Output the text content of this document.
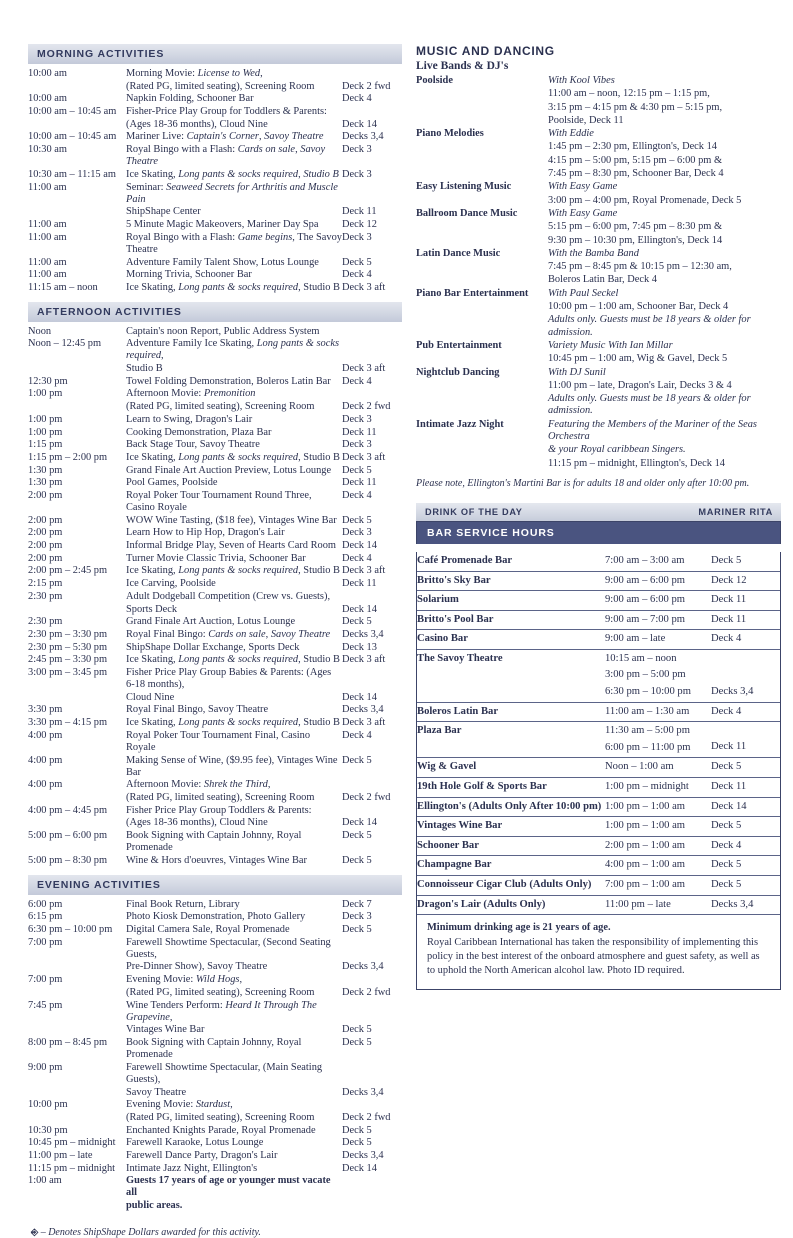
MORNING ACTIVITIES
10:00 am	Morning Movie: License to Wed,	
	(Rated PG, limited seating), Screening Room	Deck 2 fwd
10:00 am	Napkin Folding, Schooner Bar	Deck 4
10:00 am – 10:45 am	Fisher-Price Play Group for Toddlers & Parents:	
	(Ages 18-36 months), Cloud Nine	Deck 14
10:00 am – 10:45 am	Mariner Live: Captain's Corner, Savoy Theatre	Decks 3,4
10:30 am	Royal Bingo with a Flash: Cards on sale, Savoy Theatre	Deck 3
10:30 am – 11:15 am	Ice Skating, Long pants & socks required, Studio B	Deck 3
11:00 am	Seminar: Seaweed Secrets for Arthritis and Muscle Pain	
	ShipShape Center	Deck 11
11:00 am	5 Minute Magic Makeovers, Mariner Day Spa	Deck 12
11:00 am	Royal Bingo with a Flash: Game begins, The Savoy Theatre	Deck 3
11:00 am	Adventure Family Talent Show, Lotus Lounge	Deck 5
11:00 am	Morning Trivia, Schooner Bar	Deck 4
11:15 am – noon	Ice Skating, Long pants & socks required, Studio B	Deck 3 aft
AFTERNOON ACTIVITIES
Noon	Captain's noon Report, Public Address System	
Noon – 12:45 pm	Adventure Family Ice Skating, Long pants & socks required,	
	Studio B	Deck 3 aft
12:30 pm	Towel Folding Demonstration, Boleros Latin Bar	Deck 4
1:00 pm	Afternoon Movie: Premonition	
	(Rated PG, limited seating), Screening Room	Deck 2 fwd
1:00 pm	Learn to Swing, Dragon's Lair	Deck 3
1:00 pm	Cooking Demonstration, Plaza Bar	Deck 11
1:15 pm	Back Stage Tour, Savoy Theatre	Deck 3
1:15 pm – 2:00 pm	Ice Skating, Long pants & socks required, Studio B	Deck 3 aft
1:30 pm	Grand Finale Art Auction Preview, Lotus Lounge	Deck 5
1:30 pm	Pool Games, Poolside	Deck 11
2:00 pm	Royal Poker Tour Tournament Round Three, Casino Royale	Deck 4
2:00 pm	WOW Wine Tasting, ($18 fee), Vintages Wine Bar	Deck 5
2:00 pm	Learn How to Hip Hop, Dragon's Lair	Deck 3
2:00 pm	Informal Bridge Play, Seven of Hearts Card Room	Deck 14
2:00 pm	Turner Movie Classic Trivia, Schooner Bar	Deck 4
2:00 pm – 2:45 pm	Ice Skating, Long pants & socks required, Studio B	Deck 3 aft
2:15 pm	Ice Carving, Poolside	Deck 11
2:30 pm	Adult Dodgeball Competition (Crew vs. Guests),	
	Sports Deck	Deck 14
2:30 pm	Grand Finale Art Auction, Lotus Lounge	Deck 5
2:30 pm – 3:30 pm	Royal Final Bingo: Cards on sale, Savoy Theatre	Decks 3,4
2:30 pm – 5:30 pm	ShipShape Dollar Exchange, Sports Deck	Deck 13
2:45 pm – 3:30 pm	Ice Skating, Long pants & socks required, Studio B	Deck 3 aft
3:00 pm – 3:45 pm	Fisher Price Play Group Babies & Parents: (Ages 6-18 months),	
	Cloud Nine	Deck 14
3:30 pm	Royal Final Bingo, Savoy Theatre	Decks 3,4
3:30 pm – 4:15 pm	Ice Skating, Long pants & socks required, Studio B	Deck 3 aft
4:00 pm	Royal Poker Tour Tournament Final, Casino Royale	Deck 4
4:00 pm	Making Sense of Wine, ($9.95 fee), Vintages Wine Bar	Deck 5
4:00 pm	Afternoon Movie: Shrek the Third,	
	(Rated PG, limited seating), Screening Room	Deck 2 fwd
4:00 pm – 4:45 pm	Fisher Price Play Group Toddlers & Parents:	
	(Ages 18-36 months), Cloud Nine	Deck 14
5:00 pm – 6:00 pm	Book Signing with Captain Johnny, Royal Promenade	Deck 5
5:00 pm – 8:30 pm	Wine & Hors d'oeuvres, Vintages Wine Bar	Deck 5
EVENING ACTIVITIES
6:00 pm	Final Book Return, Library	Deck 7
6:15 pm	Photo Kiosk Demonstration, Photo Gallery	Deck 3
6:30 pm – 10:00 pm	Digital Camera Sale, Royal Promenade	Deck 5
7:00 pm	Farewell Showtime Spectacular, (Second Seating Guests,	
	Pre-Dinner Show), Savoy Theatre	Decks 3,4
7:00 pm	Evening Movie: Wild Hogs,	
	(Rated PG, limited seating), Screening Room	Deck 2 fwd
7:45 pm	Wine Tenders Perform: Heard It Through The Grapevine,	
	Vintages Wine Bar	Deck 5
8:00 pm – 8:45 pm	Book Signing with Captain Johnny, Royal Promenade	Deck 5
9:00 pm	Farewell Showtime Spectacular, (Main Seating Guests),	
	Savoy Theatre	Decks 3,4
10:00 pm	Evening Movie: Stardust,	
	(Rated PG, limited seating), Screening Room	Deck 2 fwd
10:30 pm	Enchanted Knights Parade, Royal Promenade	Deck 5
10:45 pm – midnight	Farewell Karaoke, Lotus Lounge	Deck 5
11:00 pm – late	Farewell Dance Party, Dragon's Lair	Decks 3,4
11:15 pm – midnight	Intimate Jazz Night, Ellington's	Deck 14
1:00 am	Guests 17 years of age or younger must vacate all	
	public areas.	
⎆ – Denotes ShipShape Dollars awarded for this activity.
MUSIC AND DANCING
Live Bands & DJ's
Poolside	With Kool Vibes
	11:00 am – noon, 12:15 pm – 1:15 pm,
	3:15 pm – 4:15 pm & 4:30 pm – 5:15 pm,
	Poolside, Deck 11
Piano Melodies	With Eddie
	1:45 pm – 2:30 pm, Ellington's, Deck 14
	4:15 pm – 5:00 pm, 5:15 pm – 6:00 pm &
	7:45 pm – 8:30 pm, Schooner Bar, Deck 4
Easy Listening Music	With Easy Game
	3:00 pm – 4:00 pm, Royal Promenade, Deck 5
Ballroom Dance Music	With Easy Game
	5:15 pm – 6:00 pm, 7:45 pm – 8:30 pm &
	9:30 pm – 10:30 pm, Ellington's, Deck 14
Latin Dance Music	With the Bamba Band
	7:45 pm – 8:45 pm & 10:15 pm – 12:30 am,
	Boleros Latin Bar, Deck 4
Piano Bar Entertainment	With Paul Seckel
	10:00 pm – 1:00 am, Schooner Bar, Deck 4
	Adults only. Guests must be 18 years & older for admission.
Pub Entertainment	Variety Music With Ian Millar
	10:45 pm – 1:00 am, Wig & Gavel, Deck 5
Nightclub Dancing	With DJ Sunil
	11:00 pm – late, Dragon's Lair, Decks 3 & 4
	Adults only. Guests must be 18 years & older for admission.
Intimate Jazz Night	Featuring the Members of the Mariner of the Seas Orchestra
	& your Royal caribbean Singers.
	11:15 pm – midnight, Ellington's, Deck 14
Please note, Ellington's Martini Bar is for adults 18 and older only after 10:00 pm.
DRINK OF THE DAY	MARINER RITA
BAR SERVICE HOURS
Café Promenade Bar	7:00 am – 3:00 am	Deck 5

Britto's Sky Bar	9:00 am – 6:00 pm	Deck 12

Solarium	9:00 am – 6:00 pm	Deck 11

Britto's Pool Bar	9:00 am – 7:00 pm	Deck 11

Casino Bar	9:00 am – late	Deck 4

The Savoy Theatre	10:15 am – noon
3:00 pm – 5:00 pm
6:30 pm – 10:00 pm	Decks 3,4

Boleros Latin Bar	11:00 am – 1:30 am	Deck 4

Plaza Bar	11:30 am – 5:00 pm
6:00 pm – 11:00 pm	Deck 11

Wig & Gavel	Noon – 1:00 am	Deck 5

19th Hole Golf & Sports Bar	1:00 pm – midnight	Deck 11

Ellington's (Adults Only After 10:00 pm)	1:00 pm – 1:00 am	Deck 14

Vintages Wine Bar	1:00 pm – 1:00 am	Deck 5

Schooner Bar	2:00 pm – 1:00 am	Deck 4

Champagne Bar	4:00 pm – 1:00 am	Deck 5

Connoisseur Cigar Club (Adults Only)	7:00 pm – 1:00 am	Deck 5

Dragon's Lair (Adults Only)	11:00 pm – late	Decks 3,4
Minimum drinking age is 21 years of age.
Royal Caribbean International has taken the responsibility of implementing this policy in the best interest of the onboard atmosphere and guest safety, as well as to uphold the North American alcohol law. Photo ID required.
